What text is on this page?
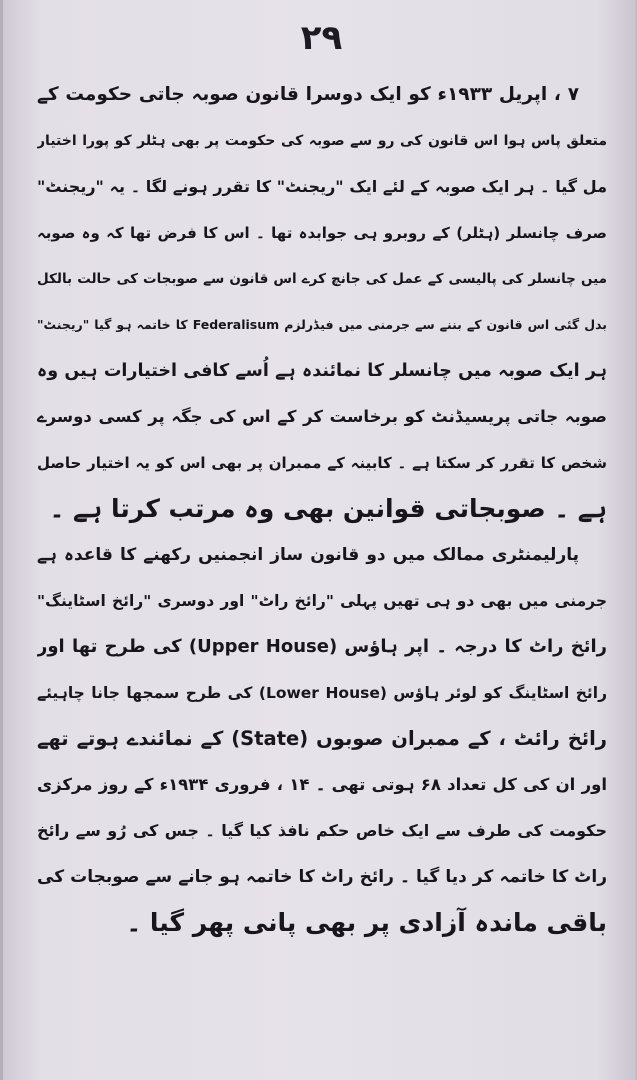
۲۹
۷ ، اپریل ۱۹۳۳ء کو ایک دوسرا قانون صوبہ جاتی حکومت کے
متعلق پاس ہوا اس قانون کی رو سے صوبہ کی حکومت پر بھی ہٹلر کو پورا اختیار
مل گیا ۔ ہر ایک صوبہ کے لئے ایک "ریجنٹ" کا تقرر ہونے لگا ۔ یہ "ریجنٹ"
صرف چانسلر (ہٹلر) کے روبرو ہی جوابدہ تھا ۔ اس کا فرض تھا کہ وہ صوبہ
میں چانسلر کی پالیسی کے عمل کی جانچ کرے اس قانون سے صوبجات کی حالت بالکل
بدل گئی اس قانون کے بننے سے جرمنی میں فیڈرلزم Federalisum کا خاتمہ ہو گیا "ریجنٹ"
ہر ایک صوبہ میں چانسلر کا نمائندہ ہے اُسے کافی اختیارات ہیں وہ
صوبہ جاتی پریسیڈنٹ کو برخاست کر کے اس کی جگہ پر کسی دوسرے
شخص کا تقرر کر سکتا ہے ۔ کابینہ کے ممبران پر بھی اس کو یہ اختیار حاصل
ہے ۔ صوبجاتی قوانین بھی وہ مرتب کرتا ہے ۔
پارلیمنٹری ممالک میں دو قانون ساز انجمنیں رکھنے کا قاعدہ ہے
جرمنی میں بھی دو ہی تھیں پہلی "رائخ راٹ" اور دوسری "رائخ اسٹاینگ"
رائخ راٹ کا درجہ ۔ اپر ہاؤس (Upper House) کی طرح تھا اور
رائخ اسٹاینگ کو لوئر ہاؤس (Lower House) کی طرح سمجھا جانا چاہیئے
رائخ رائٹ ، کے ممبران صوبوں (State) کے نمائندے ہوتے تھے
اور ان کی کل تعداد ۶۸ ہوتی تھی ۔ ۱۴ ، فروری ۱۹۳۴ء کے روز مرکزی
حکومت کی طرف سے ایک خاص حکم نافذ کیا گیا ۔ جس کی رُو سے رائخ
راٹ کا خاتمہ کر دیا گیا ۔ رائخ راٹ کا خاتمہ ہو جانے سے صوبجات کی
باقی ماندہ آزادی پر بھی پانی پھر گیا ۔
